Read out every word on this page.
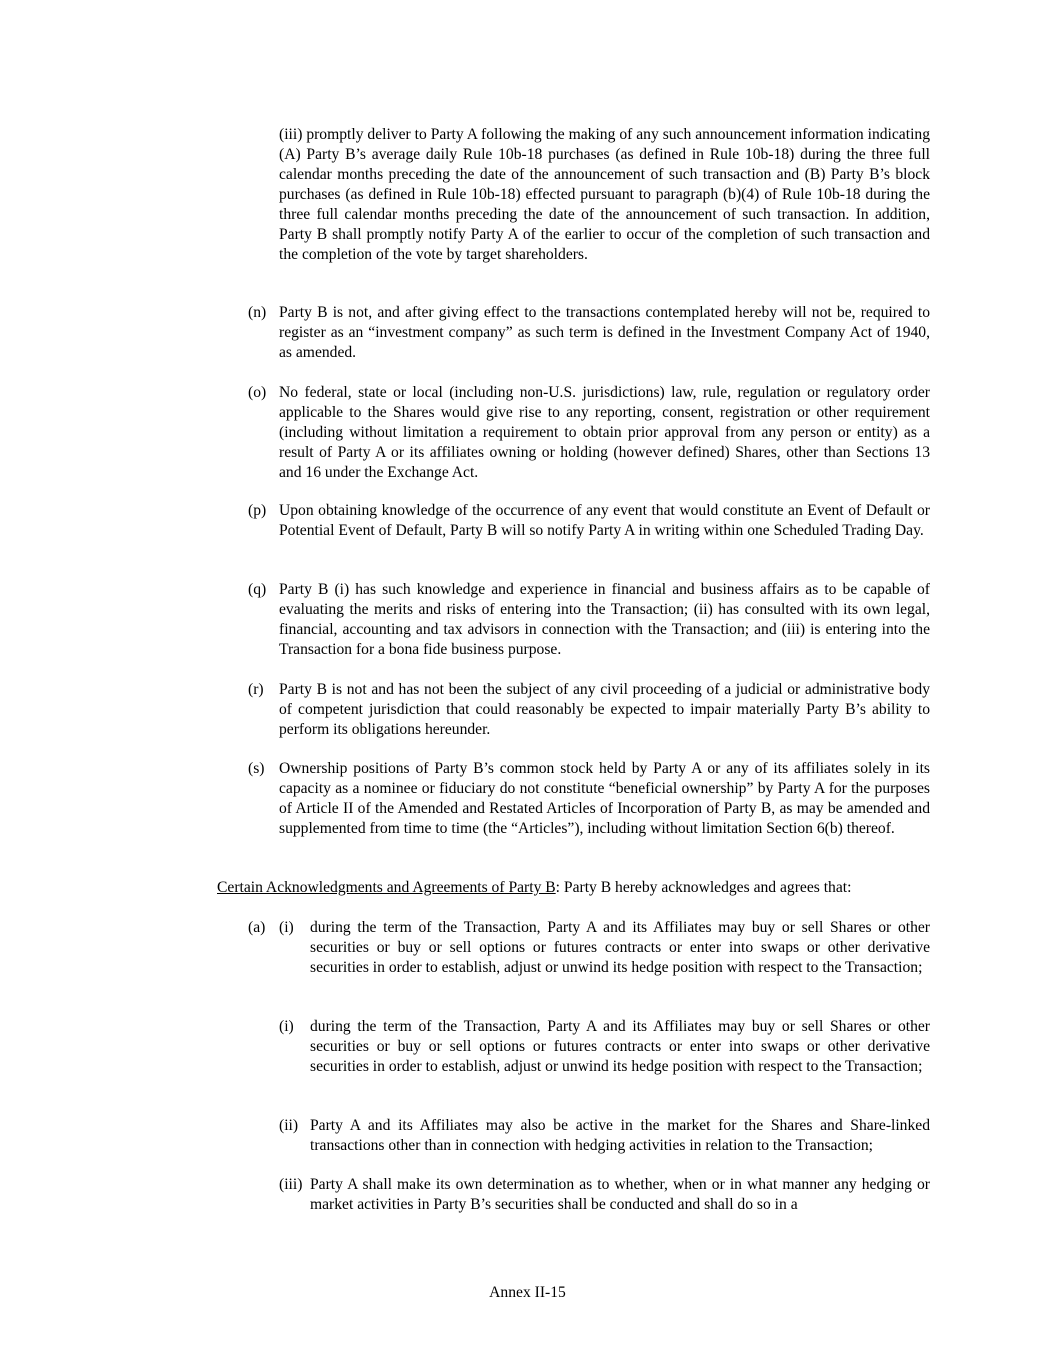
(iii) promptly deliver to Party A following the making of any such announcement information indicating (A) Party B’s average daily Rule 10b-18 purchases (as defined in Rule 10b-18) during the three full calendar months preceding the date of the announcement of such transaction and (B) Party B’s block purchases (as defined in Rule 10b-18) effected pursuant to paragraph (b)(4) of Rule 10b-18 during the three full calendar months preceding the date of the announcement of such transaction. In addition, Party B shall promptly notify Party A of the earlier to occur of the completion of such transaction and the completion of the vote by target shareholders.

(n) Party B is not, and after giving effect to the transactions contemplated hereby will not be, required to register as an “investment company” as such term is defined in the Investment Company Act of 1940, as amended.

(o) No federal, state or local (including non-U.S. jurisdictions) law, rule, regulation or regulatory order applicable to the Shares would give rise to any reporting, consent, registration or other requirement (including without limitation a requirement to obtain prior approval from any person or entity) as a result of Party A or its affiliates owning or holding (however defined) Shares, other than Sections 13 and 16 under the Exchange Act.

(p) Upon obtaining knowledge of the occurrence of any event that would constitute an Event of Default or Potential Event of Default, Party B will so notify Party A in writing within one Scheduled Trading Day.

(q) Party B (i) has such knowledge and experience in financial and business affairs as to be capable of evaluating the merits and risks of entering into the Transaction; (ii) has consulted with its own legal, financial, accounting and tax advisors in connection with the Transaction; and (iii) is entering into the Transaction for a bona fide business purpose.

(r) Party B is not and has not been the subject of any civil proceeding of a judicial or administrative body of competent jurisdiction that could reasonably be expected to impair materially Party B’s ability to perform its obligations hereunder.

(s) Ownership positions of Party B’s common stock held by Party A or any of its affiliates solely in its capacity as a nominee or fiduciary do not constitute “beneficial ownership” by Party A for the purposes of Article II of the Amended and Restated Articles of Incorporation of Party B, as may be amended and supplemented from time to time (the “Articles”), including without limitation Section 6(b) thereof.

Certain Acknowledgments and Agreements of Party B: Party B hereby acknowledges and agrees that:

(a) (i) during the term of the Transaction, Party A and its Affiliates may buy or sell Shares or other securities or buy or sell options or futures contracts or enter into swaps or other derivative securities in order to establish, adjust or unwind its hedge position with respect to the Transaction;

(i) during the term of the Transaction, Party A and its Affiliates may buy or sell Shares or other securities or buy or sell options or futures contracts or enter into swaps or other derivative securities in order to establish, adjust or unwind its hedge position with respect to the Transaction;

(ii) Party A and its Affiliates may also be active in the market for the Shares and Share-linked transactions other than in connection with hedging activities in relation to the Transaction;

(iii) Party A shall make its own determination as to whether, when or in what manner any hedging or market activities in Party B’s securities shall be conducted and shall do so in a

Annex II-15
